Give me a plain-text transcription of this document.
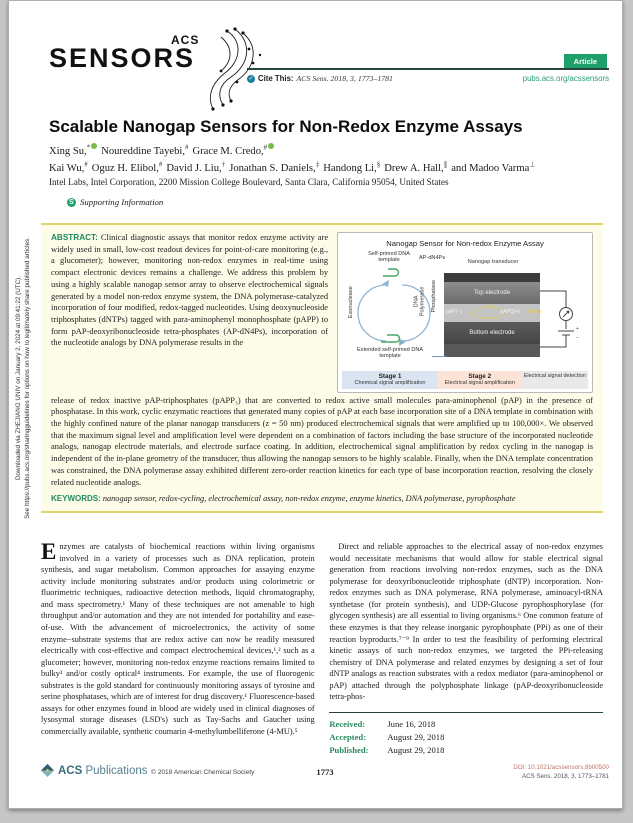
Downloaded via ZHEJIANG UNIV on January 2, 2024 at 09:41:22 (UTC). See https://pubs.acs.org/sharingguidelines for options on how to legitimately share published articles.
ACS
SENSORS	Article
✓ Cite This: ACS Sens. 2018, 3, 1773–1781	pubs.acs.org/acssensors
Scalable Nanogap Sensors for Non-Redox Enzyme Assays
Xing Su,* Noureddine Tayebi,# Grace M. Credo,#Kai Wu,# Oguz H. Elibol,# David J. Liu,† Jonathan S. Daniels,‡ Handong Li,§ Drew A. Hall,∥ and Madoo Varma⊥
Intel Labs, Intel Corporation, 2200 Mission College Boulevard, Santa Clara, California 95054, United States
S Supporting Information
ABSTRACT: Clinical diagnostic assays that monitor redox enzyme activity are widely used in small, low-cost readout devices for point-of-care monitoring (e.g., a glucometer); however, monitoring non-redox enzymes in real-time using compact electronic devices remains a challenge. We address this problem by using a highly scalable nanogap sensor array to observe electrochemical signals generated by a model non-redox enzyme system, the DNA polymerase-catalyzed incorporation of four modified, redox-tagged nucleotides. Using deoxynucleoside triphosphates (dNTPs) tagged with para-aminophenyl monophosphate (pAPP) to form pAP-deoxyribonucleoside tetra-phosphates (AP-dN4Ps), incorporation of the nucleotide analogs by DNA polymerase results in the
Nanogap Sensor for Non-redox Enzyme Assay
n
Self-primed DNA template	AP-dN4Ps
Exonuclease	DNA Polymerase Phosphatase
Extended self-primed DNA template
Nanogap transducer
Top electrode
pAP(−)	pAPQ(+)
− e
+ e
50 nm
Bottom electrode
+
−
Stage 1
Chemical signal amplification
Stage 2
Electrical signal amplification
Electrical signal detection
release of redox inactive pAP-triphosphates (pAPP₃) that are converted to redox active small molecules para-aminophenol (pAP) in the presence of phosphatase. In this work, cyclic enzymatic reactions that generated many copies of pAP at each base incorporation site of a DNA template in combination with the highly confined nature of the planar nanogap transducers (z = 50 nm) produced electrochemical signals that were amplified up to 100,000×. We observed that the maximum signal level and amplification level were dependent on a combination of factors including the base structure of the incorporated nucleotide analogs, nanogap electrode materials, and electrode surface coating. In addition, electrochemical signal amplification by redox cycling in the nanogap is independent of the in-plane geometry of the transducer, thus allowing the nanogap sensors to be highly scalable. Finally, when the DNA template concentration was constrained, the DNA polymerase assay exhibited different zero-order reaction kinetics for each type of base incorporation reaction, resolving the closely related nucleotide analogs.
KEYWORDS: nanogap sensor, redox-cycling, electrochemical assay, non-redox enzyme, enzyme kinetics, DNA polymerase, pyrophosphate
Enzymes are catalysts of biochemical reactions within living organisms involved in a variety of processes such as DNA replication, protein synthesis, and sugar metabolism. Common approaches for assaying enzyme activity include monitoring substrates and/or products using colorimetric or fluorimetric techniques, radioactive detection methods, liquid chromatography, and mass spectrometry.¹ Many of these techniques are not amenable to high throughput and/or automation and they are not intended for portability and ease-of-use. With the advancement of microelectronics, the activity of some enzyme−substrate systems that are redox active can now be readily measured electrically with cost-effective and compact electrochemical devices,¹,² such as a glucometer; however, monitoring non-redox enzyme reactions remains limited to bulky³ and/or costly optical⁴ instruments. For example, the use of fluorogenic substrates is the gold standard for continuously monitoring assays of tyrosine and serine phosphatases, which are of interest for drug discovery.¹ Fluorescence-based assays for other enzymes found in blood are widely used in clinical diagnoses of lysosymal storage diseases (LSD's) such as Tay-Sachs and Gaucher using commercially available, synthetic coumarin 4-methylumbelliferone (4-MU).⁵
Direct and reliable approaches to the electrical assay of non-redox enzymes would necessitate mechanisms that would allow for stable electrical signal generation from reactions involving non-redox enzymes, such as the DNA polymerase for deoxyribonucleotide triphosphate (dNTP) incorporation. Non-redox enzymes such as DNA polymerase, RNA polymerase, aminoacyl-tRNA synthetase (for protein synthesis), and UDP-Glucose pyrophosphorylase (for glycogen synthesis) are all essential to living organisms.⁶ One common feature of these enzymes is that they release inorganic pyrophosphate (PPi) as one of their reaction byproducts.⁷⁻⁹ In order to test the feasibility of performing electrical kinetic assays of such non-redox enzymes, we targeted the PPi-releasing chemistry of DNA polymerase and related enzymes by designing a set of four dNTP analogs as reaction substrates with a redox mediator (para-aminophenol or pAP) attached through the polyphosphate linkage (pAP-deoxyribonucleoside tetra-phos-
Received:	June 16, 2018
Accepted:	August 29, 2018
Published:	August 29, 2018
ACS Publications © 2018 American Chemical Society	1773	DOI: 10.1021/acssensors.8b00500
ACS Sens. 2018, 3, 1773–1781
